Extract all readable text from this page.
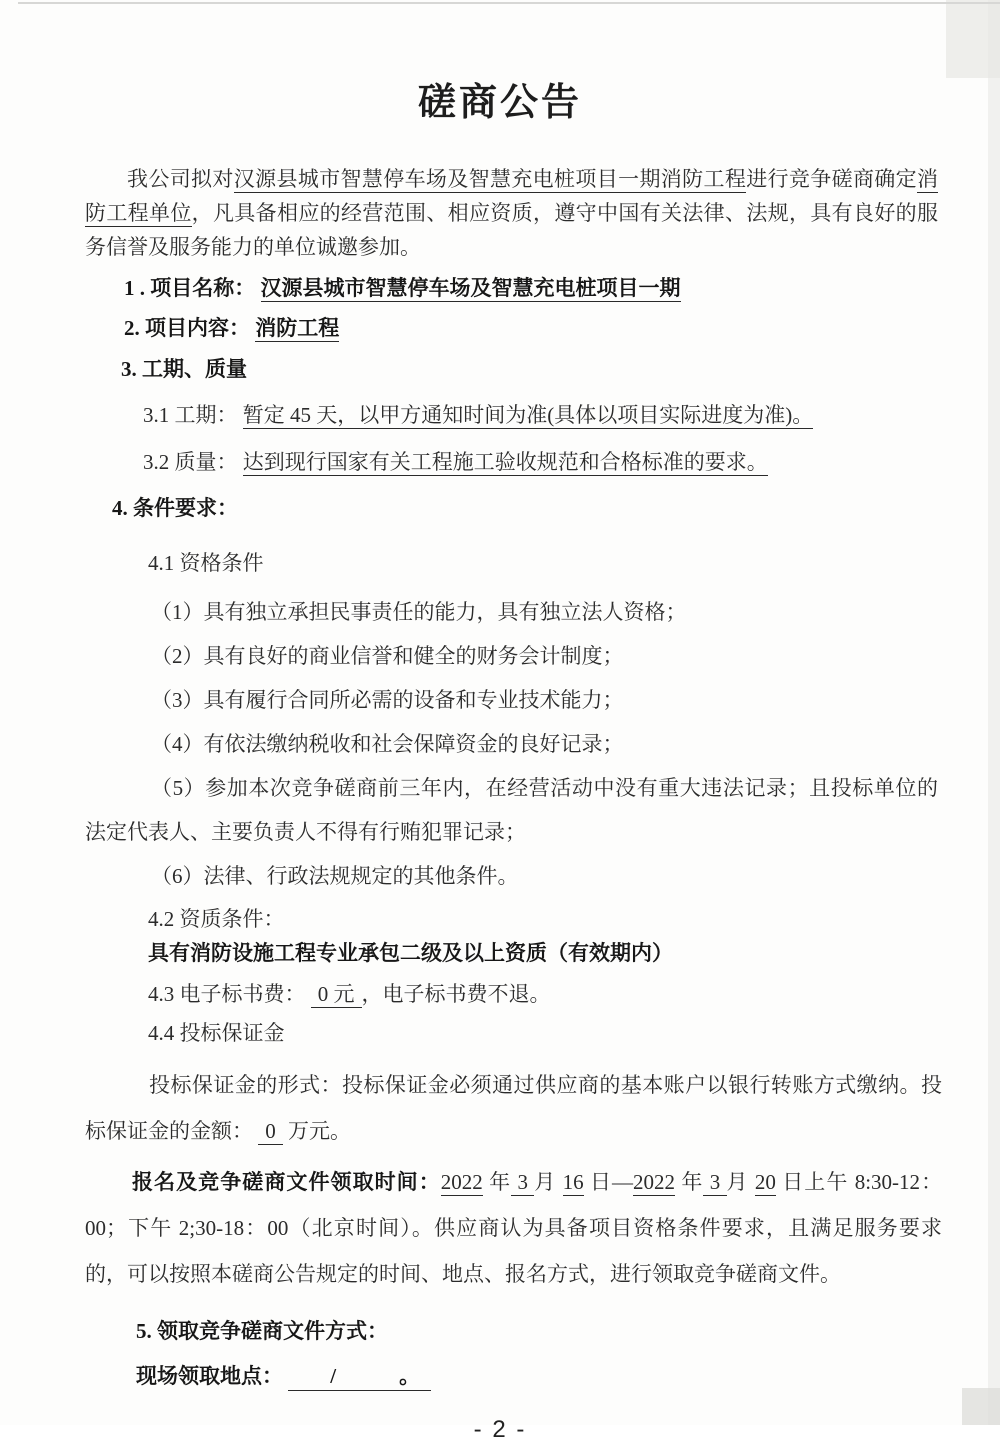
磋商公告

我公司拟对汉源县城市智慧停车场及智慧充电桩项目一期消防工程进行竞争磋商确定消防工程单位，凡具备相应的经营范围、相应资质，遵守中国有关法律、法规，具有良好的服务信誉及服务能力的单位诚邀参加。

1 . 项目名称： 汉源县城市智慧停车场及智慧充电桩项目一期

2. 项目内容： 消防工程

3. 工期、质量

3.1 工期： 暂定 45 天，以甲方通知时间为准(具体以项目实际进度为准)。

3.2 质量： 达到现行国家有关工程施工验收规范和合格标准的要求。

4. 条件要求：

4.1 资格条件

（1）具有独立承担民事责任的能力，具有独立法人资格；

（2）具有良好的商业信誉和健全的财务会计制度；

（3）具有履行合同所必需的设备和专业技术能力；

（4）有依法缴纳税收和社会保障资金的良好记录；

（5）参加本次竞争磋商前三年内，在经营活动中没有重大违法记录；且投标单位的法定代表人、主要负责人不得有行贿犯罪记录；

（6）法律、行政法规规定的其他条件。

4.2 资质条件：

具有消防设施工程专业承包二级及以上资质（有效期内）

4.3 电子标书费： 0 元 ，电子标书费不退。

4.4 投标保证金

投标保证金的形式：投标保证金必须通过供应商的基本账户以银行转账方式缴纳。投标保证金的金额： 0 万元。

报名及竞争磋商文件领取时间：2022 年 3 月 16 日—2022 年 3 月 20 日上午 8:30-12：00；下午 2;30-18：00（北京时间）。供应商认为具备项目资格条件要求，且满足服务要求的，可以按照本磋商公告规定的时间、地点、报名方式，进行领取竞争磋商文件。

5. 领取竞争磋商文件方式：

现场领取地点： 　　/　　　。　

- 2 -
